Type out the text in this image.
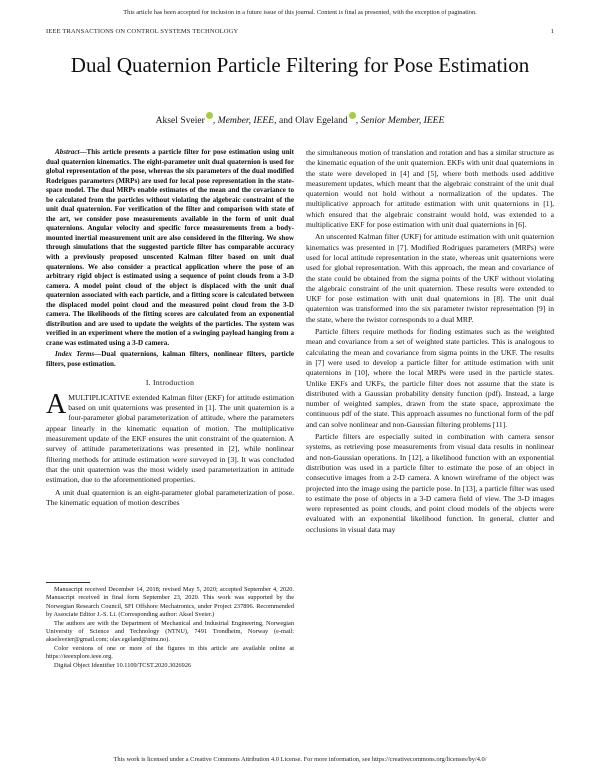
This article has been accepted for inclusion in a future issue of this journal. Content is final as presented, with the exception of pagination.
IEEE TRANSACTIONS ON CONTROL SYSTEMS TECHNOLOGY	1
Dual Quaternion Particle Filtering for Pose Estimation
Aksel Sveier , Member, IEEE, and Olav Egeland , Senior Member, IEEE

Abstract—This article presents a particle filter for pose estimation using unit dual quaternion kinematics. The eight-parameter unit dual quaternion is used for global representation of the pose, whereas the six parameters of the dual modified Rodrigues parameters (MRPs) are used for local pose representation in the state-space model. The dual MRPs enable estimates of the mean and the covariance to be calculated from the particles without violating the algebraic constraint of the unit dual quaternion. For verification of the filter and comparison with state of the art, we consider pose measurements available in the form of unit dual quaternions. Angular velocity and specific force measurements from a body-mounted inertial measurement unit are also considered in the filtering. We show through simulations that the suggested particle filter has comparable accuracy with a previously proposed unscented Kalman filter based on unit dual quaternions. We also consider a practical application where the pose of an arbitrary rigid object is estimated using a sequence of point clouds from a 3-D camera. A model point cloud of the object is displaced with the unit dual quaternion associated with each particle, and a fitting score is calculated between the displaced model point cloud and the measured point cloud from the 3-D camera. The likelihoods of the fitting scores are calculated from an exponential distribution and are used to update the weights of the particles. The system was verified in an experiment where the motion of a swinging payload hanging from a crane was estimated using a 3-D camera.

Index Terms—Dual quaternions, kalman filters, nonlinear filters, particle filters, pose estimation.

I. Introduction

AMULTIPLICATIVE extended Kalman filter (EKF) for attitude estimation based on unit quaternions was presented in [1]. The unit quaternion is a four-parameter global parameterization of attitude, where the parameters appear linearly in the kinematic equation of motion. The multiplicative measurement update of the EKF ensures the unit constraint of the quaternion. A survey of attitude parameterizations was presented in [2], while nonlinear filtering methods for attitude estimation were surveyed in [3]. It was concluded that the unit quaternion was the most widely used parameterization in attitude estimation, due to the aforementioned properties.

A unit dual quaternion is an eight-parameter global parameterization of pose. The kinematic equation of motion describes

Manuscript received December 14, 2018; revised May 5, 2020; accepted September 4, 2020. Manuscript received in final form September 23, 2020. This work was supported by the Norwegian Research Council, SFI Offshore Mechatronics, under Project 237896. Recommended by Associate Editor J.-S. Li. (Corresponding author: Aksel Sveier.)

The authors are with the Department of Mechanical and Industrial Engineering, Norwegian University of Science and Technology (NTNU), 7491 Trondheim, Norway (e-mail: akselsveier@gmail.com; olav.egeland@ntnu.no).

Color versions of one or more of the figures in this article are available online at https://ieeexplore.ieee.org.

Digital Object Identifier 10.1109/TCST.2020.3026926

the simultaneous motion of translation and rotation and has a similar structure as the kinematic equation of the unit quaternion. EKFs with unit dual quaternions in the state were developed in [4] and [5], where both methods used additive measurement updates, which meant that the algebraic constraint of the unit dual quaternion would not hold without a normalization of the updates. The multiplicative approach for attitude estimation with unit quaternions in [1], which ensured that the algebraic constraint would hold, was extended to a multiplicative EKF for pose estimation with unit dual quaternions in [6].

An unscented Kalman filter (UKF) for attitude estimation with unit quaternion kinematics was presented in [7]. Modified Rodrigues parameters (MRPs) were used for local attitude representation in the state, whereas unit quaternions were used for global representation. With this approach, the mean and covariance of the state could be obtained from the sigma points of the UKF without violating the algebraic constraint of the unit quaternion. These results were extended to UKF for pose estimation with unit dual quaternions in [8]. The unit dual quaternion was transformed into the six parameter twistor representation [9] in the state, where the twistor corresponds to a dual MRP.

Particle filters require methods for finding estimates such as the weighted mean and covariance from a set of weighted state particles. This is analogous to calculating the mean and covariance from sigma points in the UKF. The results in [7] were used to develop a particle filter for attitude estimation with unit quaternions in [10], where the local MRPs were used in the particle states. Unlike EKFs and UKFs, the particle filter does not assume that the state is distributed with a Gaussian probability density function (pdf). Instead, a large number of weighted samples, drawn from the state space, approximate the continuous pdf of the state. This approach assumes no functional form of the pdf and can solve nonlinear and non-Gaussian filtering problems [11].

Particle filters are especially suited in combination with camera sensor systems, as retrieving pose measurements from visual data results in nonlinear and non-Gaussian operations. In [12], a likelihood function with an exponential distribution was used in a particle filter to estimate the pose of an object in consecutive images from a 2-D camera. A known wireframe of the object was projected into the image using the particle pose. In [13], a particle filter was used to estimate the pose of objects in a 3-D camera field of view. The 3-D images were represented as point clouds, and point cloud models of the objects were evaluated with an exponential likelihood function. In general, clutter and occlusions in visual data may

This work is licensed under a Creative Commons Attribution 4.0 License. For more information, see https://creativecommons.org/licenses/by/4.0/
